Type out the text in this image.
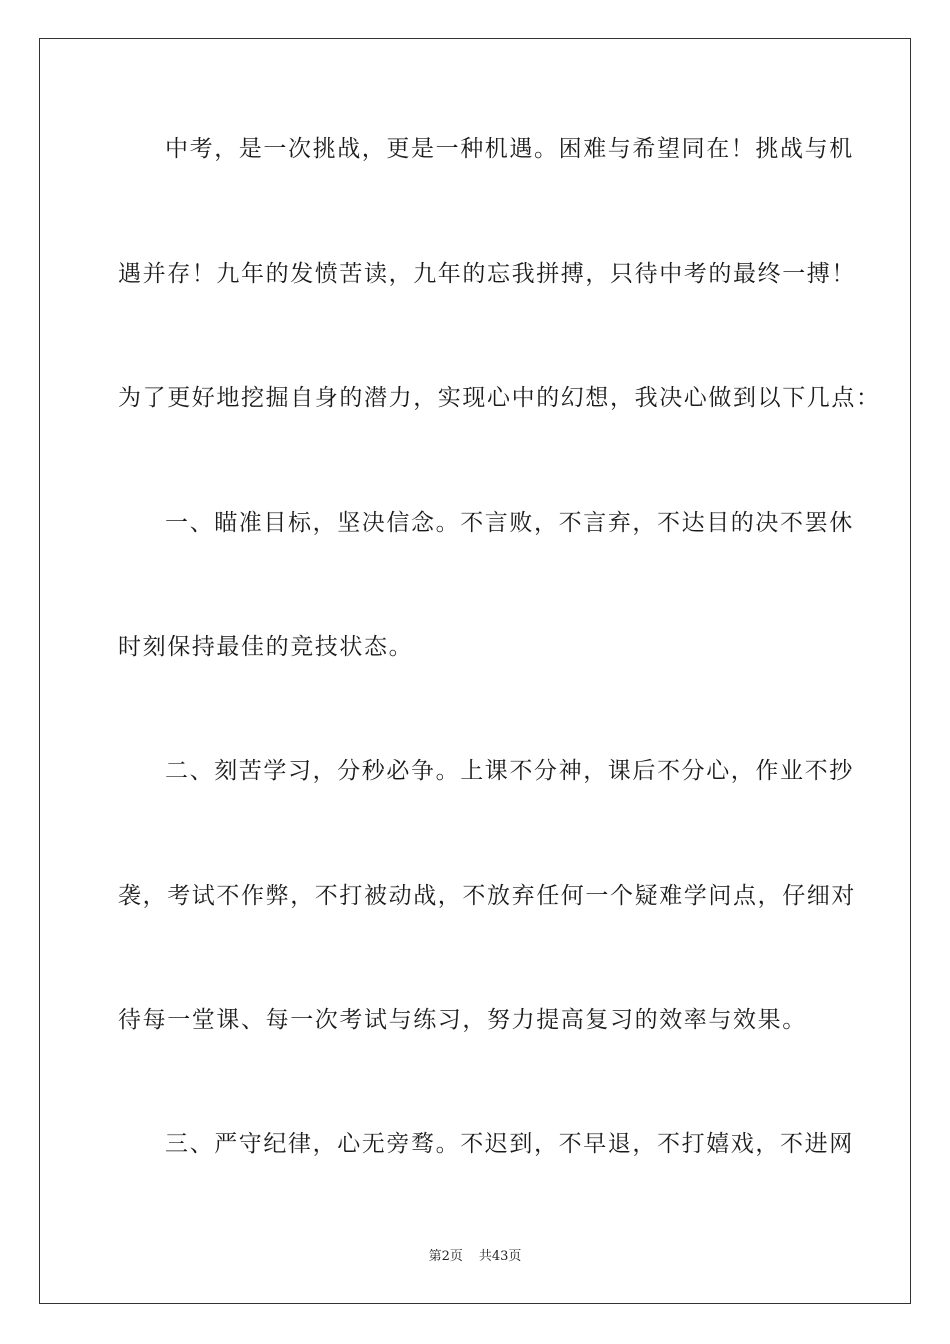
中考，是一次挑战，更是一种机遇。困难与希望同在！挑战与机
遇并存！九年的发愤苦读，九年的忘我拼搏，只待中考的最终一搏！
为了更好地挖掘自身的潜力，实现心中的幻想，我决心做到以下几点：
一、瞄准目标，坚决信念。不言败，不言弃，不达目的决不罢休
时刻保持最佳的竞技状态。
二、刻苦学习，分秒必争。上课不分神，课后不分心，作业不抄
袭，考试不作弊，不打被动战，不放弃任何一个疑难学问点，仔细对
待每一堂课、每一次考试与练习，努力提高复习的效率与效果。
三、严守纪律，心无旁骛。不迟到，不早退，不打嬉戏，不进网
第2页 共43页
